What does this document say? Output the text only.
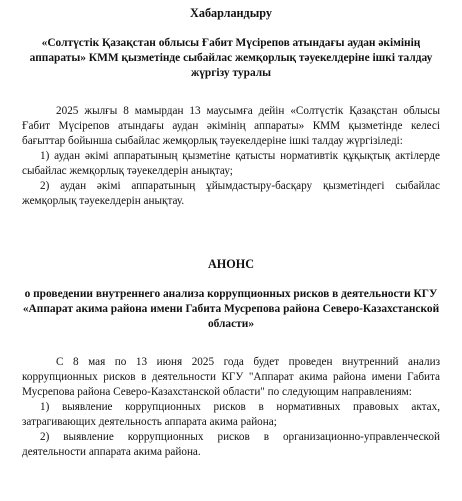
Хабарландыру

«Солтүстік Қазақстан облысы Ғабит Мүсірепов атындағы аудан әкімінің аппараты» КММ қызметінде сыбайлас жемқорлық тәуекелдеріне ішкі талдау жүргізу туралы

2025 жылғы 8 мамырдан 13 маусымға дейін «Солтүстік Қазақстан облысы Ғабит Мүсірепов атындағы аудан әкімінің аппараты» КММ қызметінде келесі бағыттар бойынша сыбайлас жемқорлық тәуекелдеріне ішкі талдау жүргізіледі:

1) аудан әкімі аппаратының қызметіне қатысты нормативтік құқықтық актілерде сыбайлас жемқорлық тәуекелдерін анықтау;

2) аудан әкімі аппаратының ұйымдастыру-басқару қызметіндегі сыбайлас жемқорлық тәуекелдерін анықтау.

АНОНС

о проведении внутреннего анализа коррупционных рисков в деятельности КГУ «Аппарат акима района имени Габита Мусрепова района Северо-Казахстанской области»

С 8 мая по 13 июня 2025 года будет проведен внутренний анализ коррупционных рисков в деятельности КГУ "Аппарат акима района имени Габита Мусрепова района Северо-Казахстанской области" по следующим направлениям:

1) выявление коррупционных рисков в нормативных правовых актах, затрагивающих деятельность аппарата акима района;

2) выявление коррупционных рисков в организационно-управленческой деятельности аппарата акима района.
